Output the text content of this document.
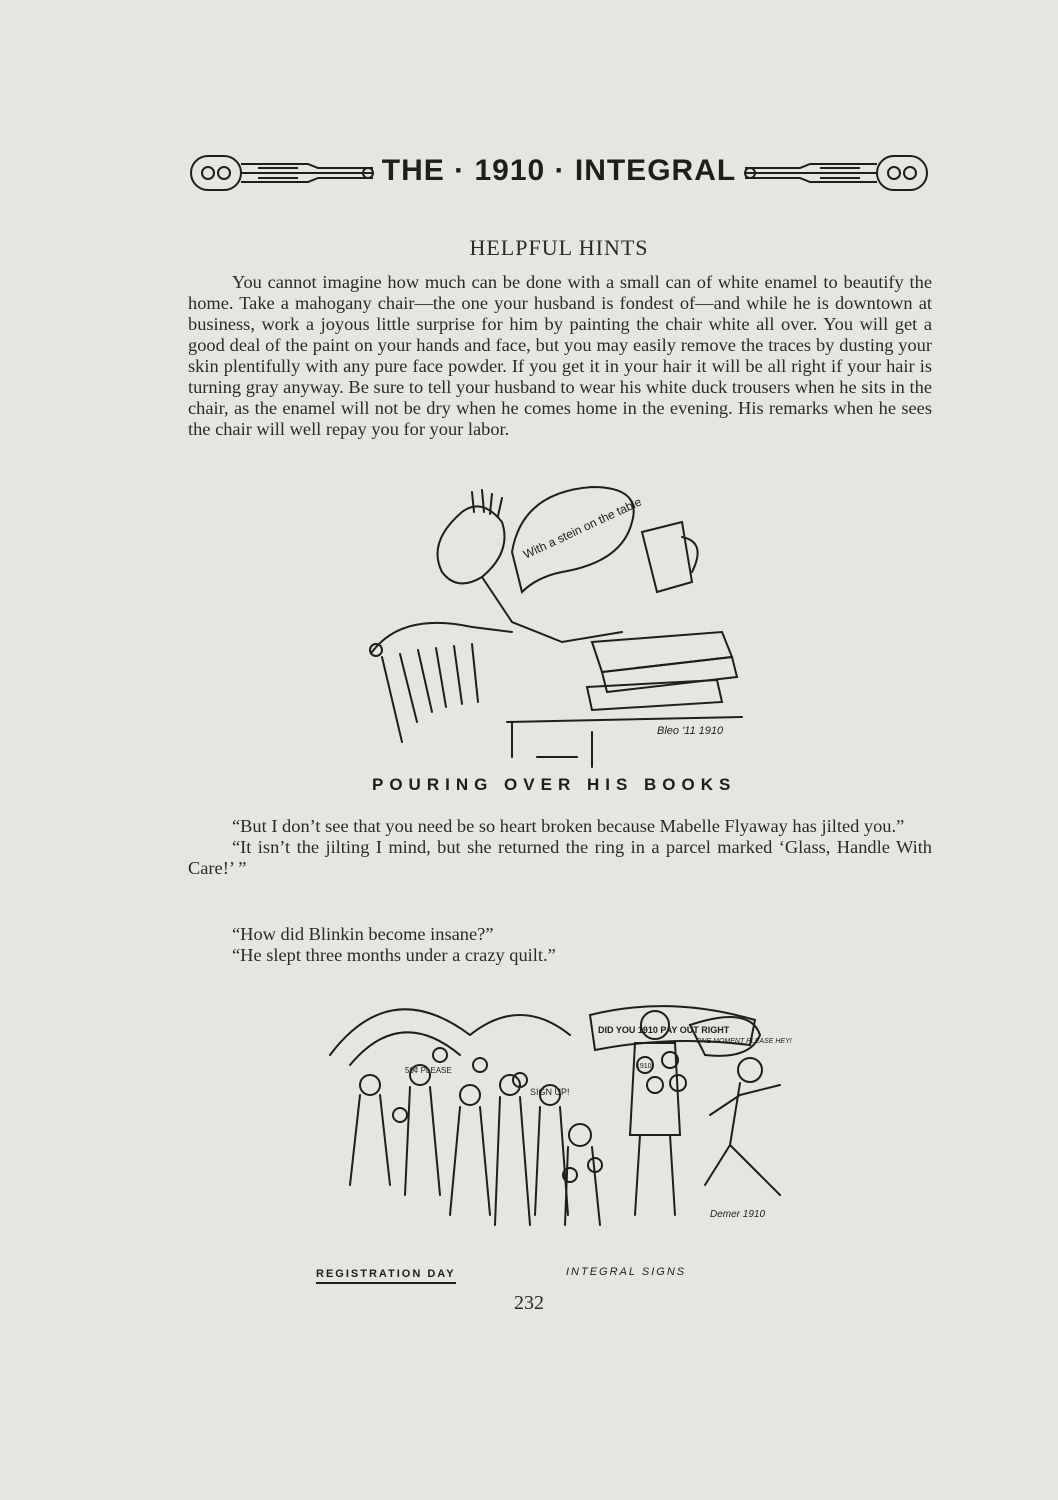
THE · 1910 · INTEGRAL
HELPFUL HINTS

You cannot imagine how much can be done with a small can of white enamel to beautify the home. Take a mahogany chair—the one your husband is fondest of—and while he is downtown at business, work a joyous little surprise for him by painting the chair white all over. You will get a good deal of the paint on your hands and face, but you may easily remove the traces by dusting your skin plentifully with any pure face powder. If you get it in your hair it will be all right if your hair is turning gray anyway. Be sure to tell your husband to wear his white duck trousers when he sits in the chair, as the enamel will not be dry when he comes home in the evening. His remarks when he sees the chair will well repay you for your labor.

With a stein on the table
Bleo '11 1910
POURING OVER HIS BOOKS

“But I don’t see that you need be so heart broken because Mabelle Flyaway has jilted you.”

“It isn’t the jilting I mind, but she returned the ring in a parcel marked ‘Glass, Handle With Care!’ ”

“How did Blinkin become insane?”

“He slept three months under a crazy quilt.”

DID YOU 1910 PAY OUT RIGHT
ONE MOMENT PLEASE HEY!
SIGN UP!
50¢ PLEASE	1910
Demer 1910
REGISTRATION DAY	INTEGRAL SIGNS
232
